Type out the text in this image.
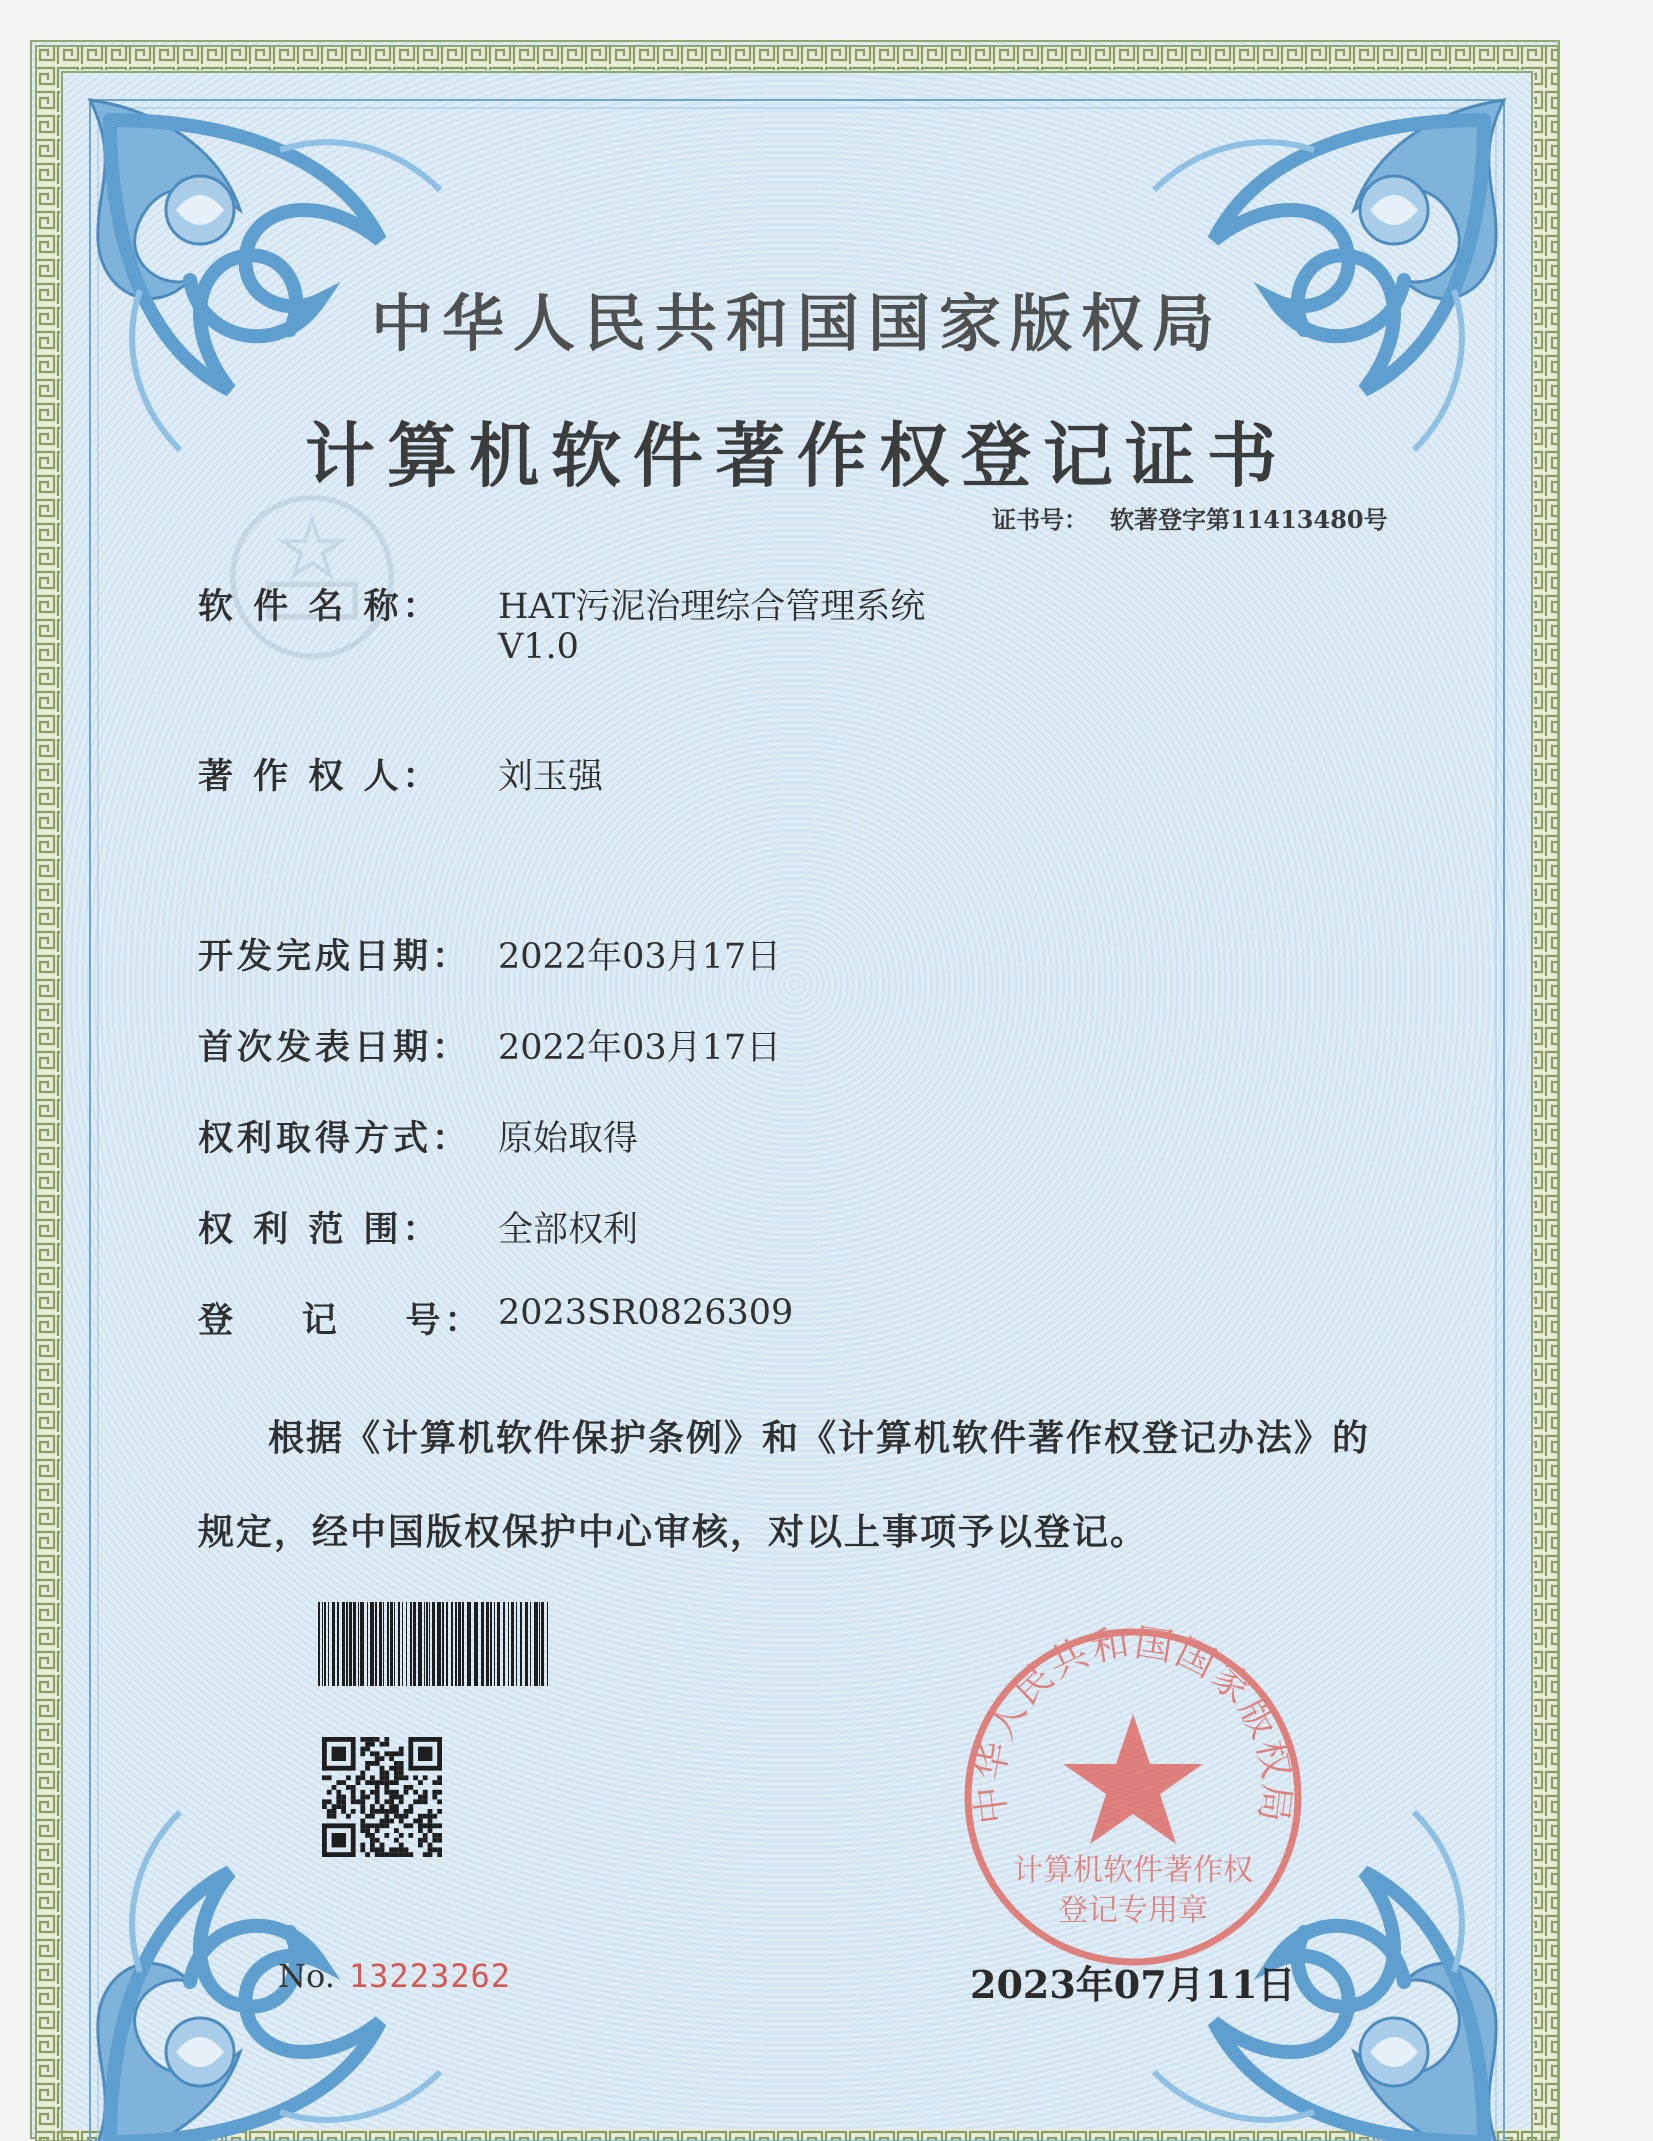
中华人民共和国国家版权局
计算机软件著作权登记证书
证书号： 软著登字第11413480号
软 件 名 称：	HAT污泥治理综合管理系统
V1.0
著 作 权 人：	刘玉强
开发完成日期： 2022年03月17日
首次发表日期： 2022年03月17日
权利取得方式： 原始取得
权 利 范 围：	全部权利
登    记    号： 2023SR0826309
根据《计算机软件保护条例》和《计算机软件著作权登记办法》的
规定，经中国版权保护中心审核，对以上事项予以登记。
中华人民共和国国家版权局
计算机软件著作权
登记专用章
No. 13223262	2023年07月11日
